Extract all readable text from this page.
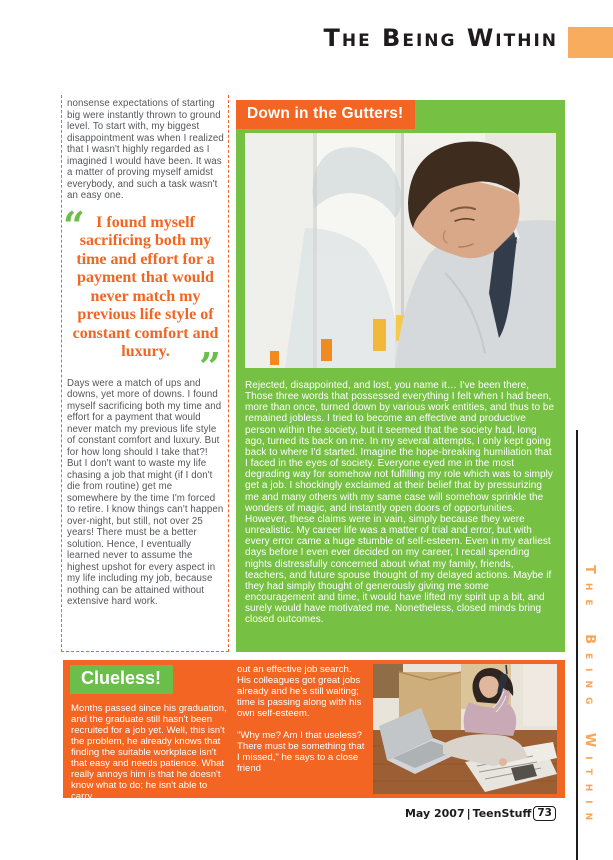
The Being Within

nonsense expectations of starting big were instantly thrown to ground level. To start with, my biggest disappointment was when I realized that I wasn't highly regarded as I imagined I would have been. It was a matter of proving myself amidst everybody, and such a task wasn't an easy one.

“ I found myself sacrificing both my time and effort for a payment that would never match my previous life style of constant comfort and luxury. ”

Days were a match of ups and downs, yet more of downs. I found myself sacrificing both my time and effort for a payment that would never match my previous life style of constant comfort and luxury. But for how long should I take that?!

But I don't want to waste my life chasing a job that might (if I don't die from routine) get me somewhere by the time I'm forced to retire. I know things can't happen over-night, but still, not over 25 years! There must be a better solution. Hence, I eventually learned never to assume the highest upshot for every aspect in my life including my job, because nothing can be attained without extensive hard work.

Down in the Gutters!
Rejected, disappointed, and lost, you name it… I've been there, Those three words that possessed everything I felt when I had been, more than once, turned down by various work entities, and thus to be remained jobless. I tried to become an effective and productive person within the society, but it seemed that the society had, long ago, turned its back on me. In my several attempts, I only kept going back to where I'd started. Imagine the hope-breaking humiliation that I faced in the eyes of society. Everyone eyed me in the most degrading way for somehow not fulfilling my role which was to simply get a job. I shockingly exclaimed at their belief that by pressurizing me and many others with my same case will somehow sprinkle the wonders of magic, and instantly open doors of opportunities. However, these claims were in vain, simply because they were unrealistic. My career life was a matter of trial and error, but with every error came a huge stumble of self-esteem. Even in my earliest days before I even ever decided on my career, I recall spending nights distressfully concerned about what my family, friends, teachers, and future spouse thought of my delayed actions. Maybe if they had simply thought of generously giving me some encouragement and time, it would have lifted my spirit up a bit, and surely would have motivated me. Nonetheless, closed minds bring closed outcomes.
Clueless!
Months passed since his graduation, and the graduate still hasn't been recruited for a job yet. Well, this isn't the problem, he already knows that finding the suitable workplace isn't that easy and needs patience. What really annoys him is that he doesn't know what to do; he isn't able to carry

out an effective job search. His colleagues got great jobs already and he's still waiting; time is passing along with his own self-esteem.

"Why me? Am I that useless? There must be something that I missed," he says to a close friend

May 2007 | TeenStuff 73	The Being Within
